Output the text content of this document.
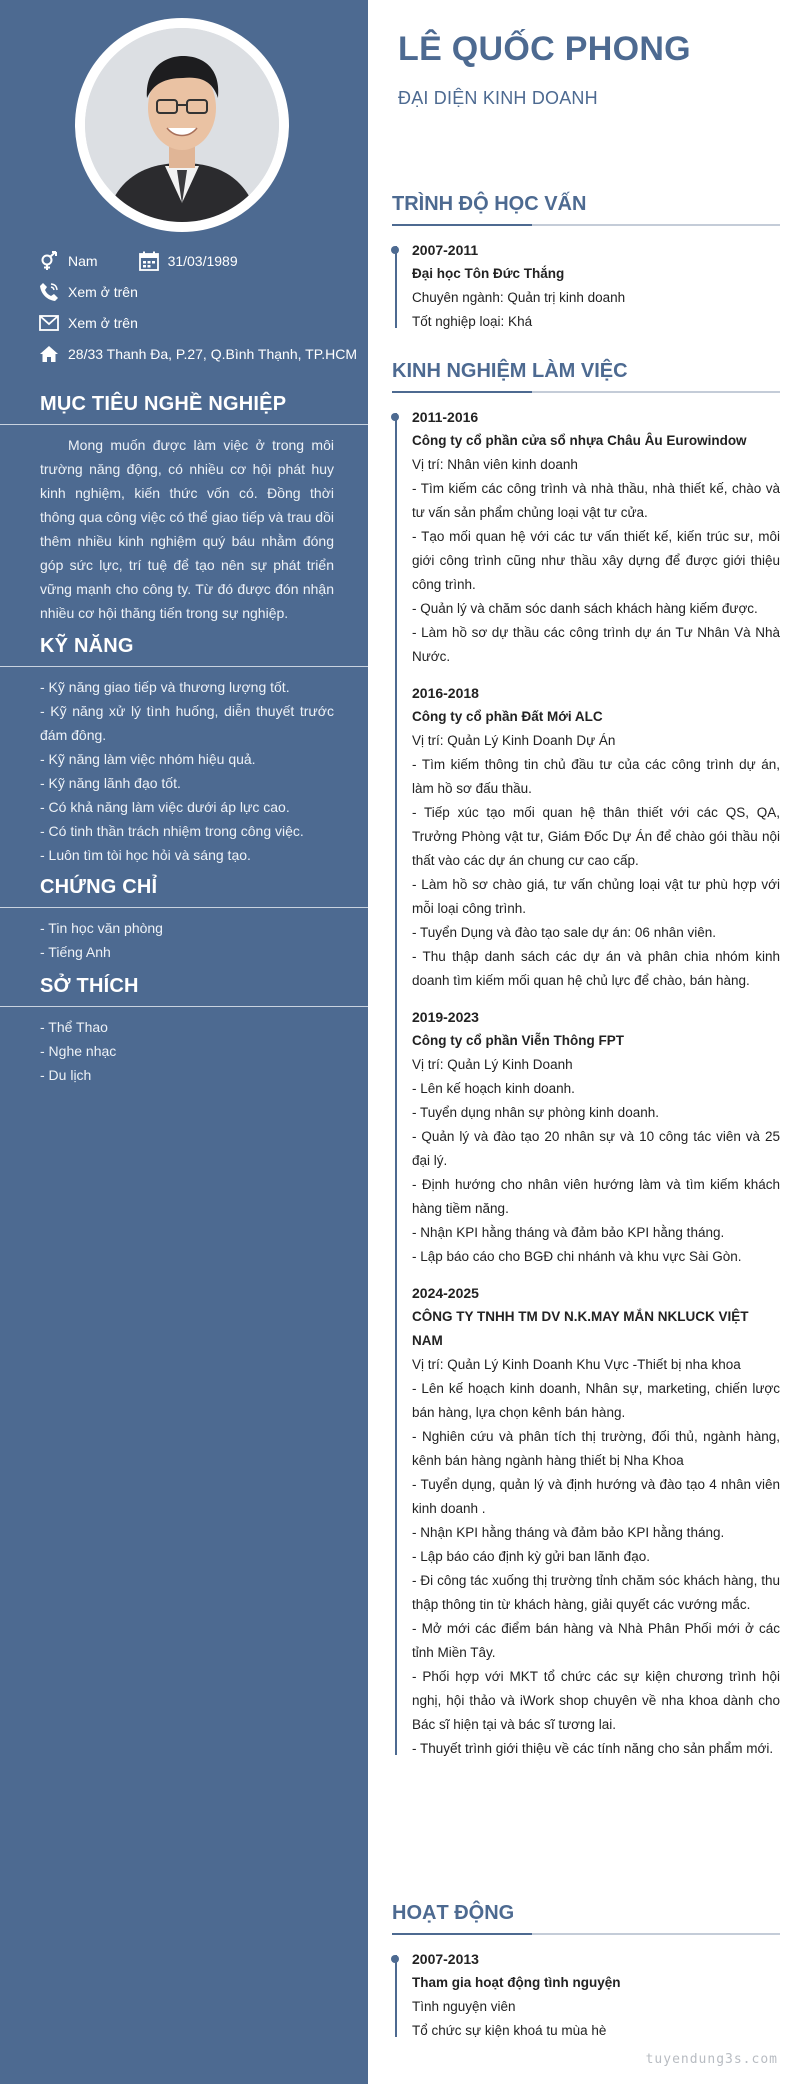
Nam	31/03/1989
Xem ở trên
Xem ở trên
28/33 Thanh Đa, P.27, Q.Bình Thạnh, TP.HCM
MỤC TIÊU NGHỀ NGHIỆP
Mong muốn được làm việc ở trong môi trường năng động, có nhiều cơ hội phát huy kinh nghiệm, kiến thức vốn có. Đồng thời thông qua công việc có thể giao tiếp và trau dồi thêm nhiều kinh nghiệm quý báu nhằm đóng góp sức lực, trí tuệ để tạo nên sự phát triển vững mạnh cho công ty. Từ đó được đón nhận nhiều cơ hội thăng tiến trong sự nghiệp.
KỸ NĂNG
- Kỹ năng giao tiếp và thương lượng tốt.
- Kỹ năng xử lý tình huống, diễn thuyết trước đám đông.
- Kỹ năng làm việc nhóm hiệu quả.
- Kỹ năng lãnh đạo tốt.
- Có khả năng làm việc dưới áp lực cao.
- Có tinh thần trách nhiệm trong công việc.
- Luôn tìm tòi học hỏi và sáng tạo.
CHỨNG CHỈ
- Tin học văn phòng
- Tiếng Anh
SỞ THÍCH
- Thể Thao
- Nghe nhạc
- Du lịch
LÊ QUỐC PHONG
ĐẠI DIỆN KINH DOANH
TRÌNH ĐỘ HỌC VẤN
2007-2011
Đại học Tôn Đức Thắng
Chuyên ngành: Quản trị kinh doanh
Tốt nghiệp loại: Khá
KINH NGHIỆM LÀM VIỆC
2011-2016
Công ty cổ phần cửa sổ nhựa Châu Âu Eurowindow
Vị trí: Nhân viên kinh doanh
- Tìm kiếm các công trình và nhà thầu, nhà thiết kế, chào và tư vấn sản phẩm chủng loại vật tư cửa.
- Tạo mối quan hệ với các tư vấn thiết kế, kiến trúc sư, môi giới công trình cũng như thầu xây dựng để được giới thiệu công trình.
- Quản lý và chăm sóc danh sách khách hàng kiếm được.
- Làm hồ sơ dự thầu các công trình dự án Tư Nhân Và Nhà Nước.
2016-2018
Công ty cổ phần Đất Mới ALC
Vị trí: Quản Lý Kinh Doanh Dự Án
- Tìm kiếm thông tin chủ đầu tư của các công trình dự án, làm hồ sơ đấu thầu.
- Tiếp xúc tạo mối quan hệ thân thiết với các QS, QA, Trưởng Phòng vật tư, Giám Đốc Dự Án để chào gói thầu nội thất vào các dự án chung cư cao cấp.
- Làm hồ sơ chào giá, tư vấn chủng loại vật tư phù hợp với mỗi loại công trình.
- Tuyển Dụng và đào tạo sale dự án: 06 nhân viên.
- Thu thập danh sách các dự án và phân chia nhóm kinh doanh tìm kiếm mối quan hệ chủ lực để chào, bán hàng.
2019-2023
Công ty cổ phần Viễn Thông FPT
Vị trí: Quản Lý Kinh Doanh
- Lên kế hoạch kinh doanh.
- Tuyển dụng nhân sự phòng kinh doanh.
- Quản lý và đào tạo 20 nhân sự và 10 công tác viên và 25 đại lý.
- Định hướng cho nhân viên hướng làm và tìm kiếm khách hàng tiềm năng.
- Nhận KPI hằng tháng và đảm bảo KPI hằng tháng.
- Lập báo cáo cho BGĐ chi nhánh và khu vực Sài Gòn.
2024-2025
CÔNG TY TNHH TM DV N.K.MAY MẮN NKLUCK VIỆT NAM
Vị trí: Quản Lý Kinh Doanh Khu Vực -Thiết bị nha khoa
- Lên kế hoạch kinh doanh, Nhân sự, marketing, chiến lược bán hàng, lựa chọn kênh bán hàng.
- Nghiên cứu và phân tích thị trường, đối thủ, ngành hàng, kênh bán hàng ngành hàng thiết bị Nha Khoa
- Tuyển dụng, quản lý và định hướng và đào tạo 4 nhân viên kinh doanh .
- Nhận KPI hằng tháng và đảm bảo KPI hằng tháng.
- Lập báo cáo định kỳ gửi ban lãnh đạo.
- Đi công tác xuống thị trường tỉnh chăm sóc khách hàng, thu thập thông tin từ khách hàng, giải quyết các vướng mắc.
- Mở mới các điểm bán hàng và Nhà Phân Phối mới ở các tỉnh Miền Tây.
- Phối hợp với MKT tổ chức các sự kiện chương trình hội nghị, hội thảo và iWork shop chuyên về nha khoa dành cho Bác sĩ hiện tại và bác sĩ tương lai.
- Thuyết trình giới thiệu về các tính năng cho sản phẩm mới.
HOẠT ĐỘNG
2007-2013
Tham gia hoạt động tình nguyện
Tình nguyện viên
Tổ chức sự kiện khoá tu mùa hè
tuyendung3s.com
